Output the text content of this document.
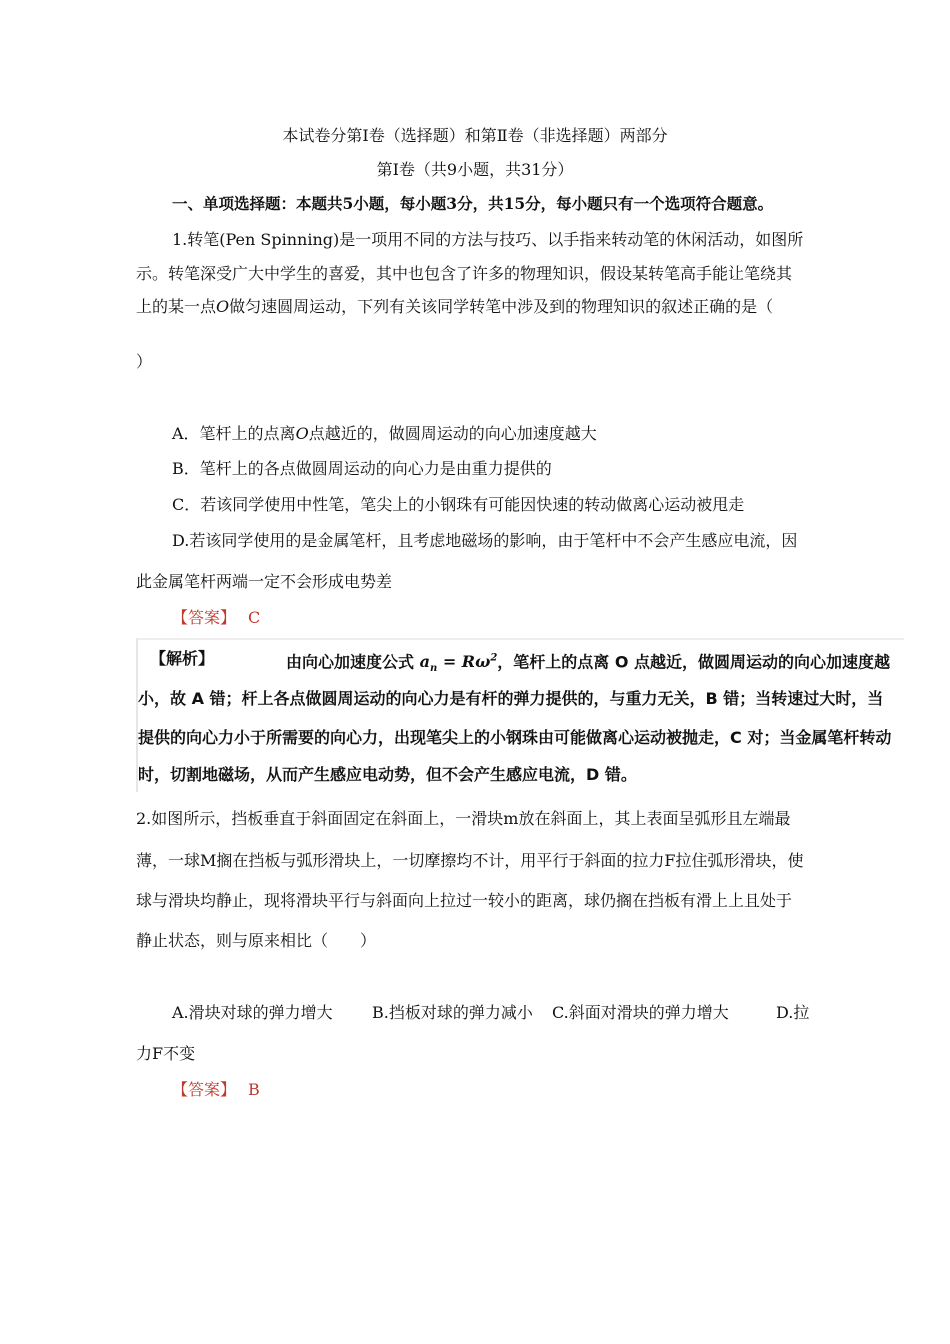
本试卷分第Ⅰ卷（选择题）和第Ⅱ卷（非选择题）两部分
第Ⅰ卷（共9小题，共31分）
一、单项选择题：本题共5小题，每小题3分，共15分，每小题只有一个选项符合题意。
1.转笔(Pen Spinning)是一项用不同的方法与技巧、以手指来转动笔的休闲活动，如图所
示。转笔深受广大中学生的喜爱，其中也包含了许多的物理知识，假设某转笔高手能让笔绕其
上的某一点O做匀速圆周运动，下列有关该同学转笔中涉及到的物理知识的叙述正确的是（
）
A．笔杆上的点离O点越近的，做圆周运动的向心加速度越大
B．笔杆上的各点做圆周运动的向心力是由重力提供的
C．若该同学使用中性笔，笔尖上的小钢珠有可能因快速的转动做离心运动被甩走
D.若该同学使用的是金属笔杆，且考虑地磁场的影响，由于笔杆中不会产生感应电流，因
此金属笔杆两端一定不会形成电势差
【答案】 C
【解析】	由向心加速度公式 $a_n = R\omega^2$，笔杆上的点离 O 点越近，做圆周运动的向心加速度越
小，故 A 错；杆上各点做圆周运动的向心力是有杆的弹力提供的，与重力无关，B 错；当转速过大时，当
提供的向心力小于所需要的向心力，出现笔尖上的小钢珠由可能做离心运动被抛走，C 对；当金属笔杆转动
时，切割地磁场，从而产生感应电动势，但不会产生感应电流，D 错。
2.如图所示，挡板垂直于斜面固定在斜面上，一滑块m放在斜面上，其上表面呈弧形且左端最
薄，一球M搁在挡板与弧形滑块上，一切摩擦均不计，用平行于斜面的拉力F拉住弧形滑块，使
球与滑块均静止，现将滑块平行与斜面向上拉过一较小的距离，球仍搁在挡板有滑上上且处于
静止状态，则与原来相比（　　）
A.滑块对球的弹力增大 B.挡板对球的弹力减小 C.斜面对滑块的弹力增大	D.拉
力F不变
【答案】 B
